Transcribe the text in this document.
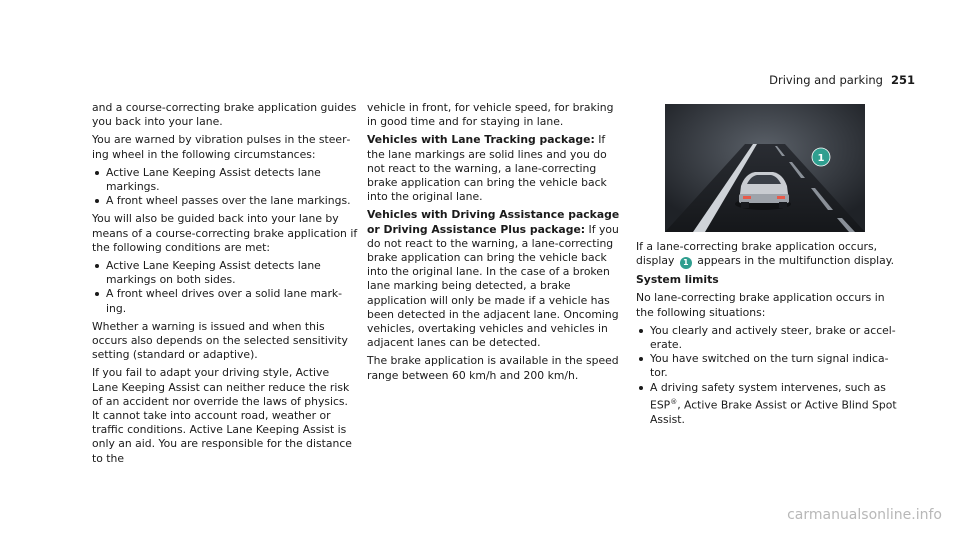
Driving and parking 251

and a course-correcting brake application guides you back into your lane.

You are warned by vibration pulses in the steering wheel in the following circumstances:

Active Lane Keeping Assist detects lane markings.
A front wheel passes over the lane markings.

You will also be guided back into your lane by means of a course-correcting brake application if the following conditions are met:

Active Lane Keeping Assist detects lane markings on both sides.
A front wheel drives over a solid lane marking.

Whether a warning is issued and when this occurs also depends on the selected sensitivity setting (standard or adaptive).

If you fail to adapt your driving style, Active Lane Keeping Assist can neither reduce the risk of an accident nor override the laws of physics. It cannot take into account road, weather or traffic conditions. Active Lane Keeping Assist is only an aid. You are responsible for the distance to the

vehicle in front, for vehicle speed, for braking in good time and for staying in lane.

Vehicles with Lane Tracking package: If the lane markings are solid lines and you do not react to the warning, a lane-correcting brake application can bring the vehicle back into the original lane.

Vehicles with Driving Assistance package or Driving Assistance Plus package: If you do not react to the warning, a lane-correcting brake application can bring the vehicle back into the original lane. In the case of a broken lane marking being detected, a brake application will only be made if a vehicle has been detected in the adjacent lane. Oncoming vehicles, overtaking vehicles and vehicles in adjacent lanes can be detected.

The brake application is available in the speed range between 60 km/h and 200 km/h.

1

If a lane-correcting brake application occurs, display 1 appears in the multifunction display.

System limits

No lane-correcting brake application occurs in the following situations:

You clearly and actively steer, brake or accelerate.
You have switched on the turn signal indicator.
A driving safety system intervenes, such as ESP®, Active Brake Assist or Active Blind Spot Assist.
carmanualsonline.info
